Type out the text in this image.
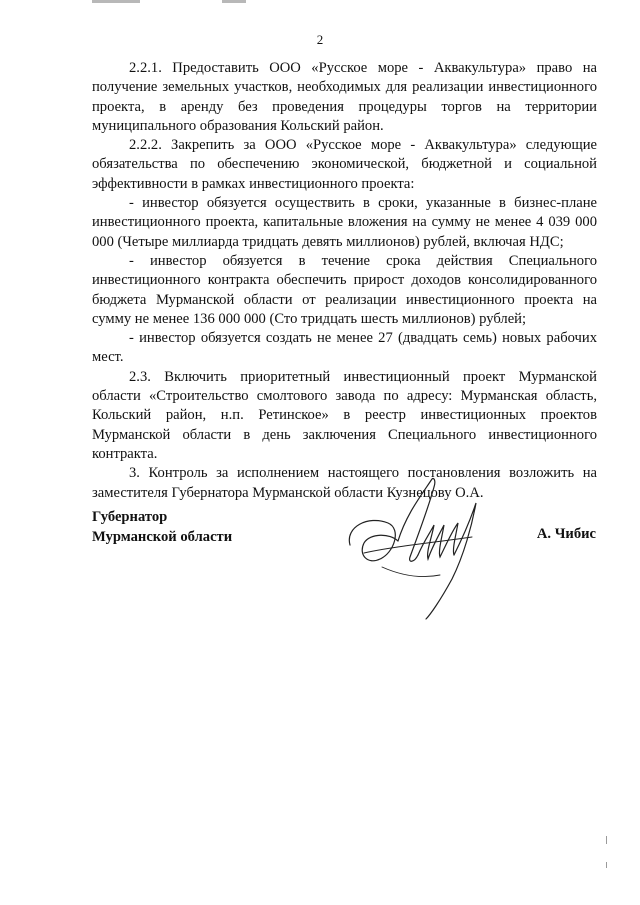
2

2.2.1. Предоставить ООО «Русское море - Аквакультура» право на получение земельных участков, необходимых для реализации инвестиционного проекта, в аренду без проведения процедуры торгов на территории муниципального образования Кольский район.

2.2.2. Закрепить за ООО «Русское море - Аквакультура» следующие обязательства по обеспечению экономической, бюджетной и социальной эффективности в рамках инвестиционного проекта:

- инвестор обязуется осуществить в сроки, указанные в бизнес-плане инвестиционного проекта, капитальные вложения на сумму не менее 4 039 000 000 (Четыре миллиарда тридцать девять миллионов) рублей, включая НДС;

- инвестор обязуется в течение срока действия Специального инвестиционного контракта обеспечить прирост доходов консолидированного бюджета Мурманской области от реализации инвестиционного проекта на сумму не менее 136 000 000 (Сто тридцать шесть миллионов) рублей;

- инвестор обязуется создать не менее 27 (двадцать семь) новых рабочих мест.

2.3. Включить приоритетный инвестиционный проект Мурманской области «Строительство смолтового завода по адресу: Мурманская область, Кольский район, н.п. Ретинское» в реестр инвестиционных проектов Мурманской области в день заключения Специального инвестиционного контракта.

3. Контроль за исполнением настоящего постановления возложить на заместителя Губернатора Мурманской области Кузнецову О.А.

Губернатор
Мурманской области	А. Чибис
